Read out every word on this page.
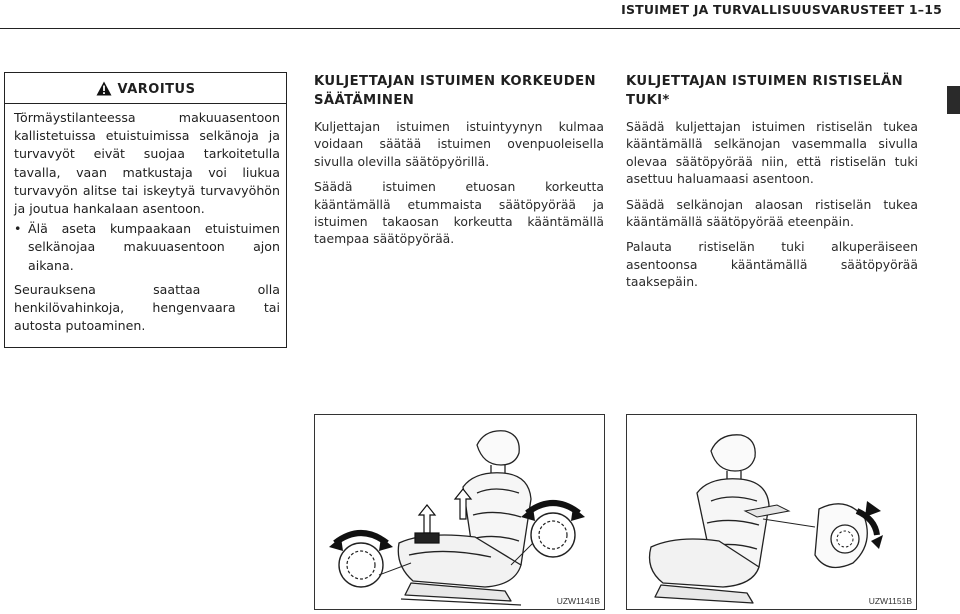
ISTUIMET JA TURVALLISUUSVARUSTEET 1–15
VAROITUS

Törmäystilanteessa makuuasentoon kallistetuissa etuistuimissa selkänoja ja turvavyöt eivät suojaa tarkoitetulla tavalla, vaan matkustaja voi liukua turvavyön alitse tai iskeytyä turvavyöhön ja joutua hankalaan asentoon.

• Älä aseta kumpaakaan etuistuimen selkänojaa makuuasentoon ajon aikana.

Seurauksena saattaa olla henkilövahinkoja, hengenvaara tai autosta putoaminen.

KULJETTAJAN ISTUIMEN KORKEUDEN SÄÄTÄMINEN

Kuljettajan istuimen istuintyynyn kulmaa voidaan säätää istuimen ovenpuoleisella sivulla olevilla säätöpyörillä.

Säädä istuimen etuosan korkeutta kääntämällä etummaista säätöpyörää ja istuimen takaosan korkeutta kääntämällä taempaa säätöpyörää.

KULJETTAJAN ISTUIMEN RISTISELÄN TUKI*

Säädä kuljettajan istuimen ristiselän tukea kääntämällä selkänojan vasemmalla sivulla olevaa säätöpyörää niin, että ristiselän tuki asettuu haluamaasi asentoon.

Säädä selkänojan alaosan ristiselän tukea kääntämällä säätöpyörää eteenpäin.

Palauta ristiselän tuki alkuperäiseen asentoonsa kääntämällä säätöpyörää taaksepäin.

UZW1141B	UZW1151B
